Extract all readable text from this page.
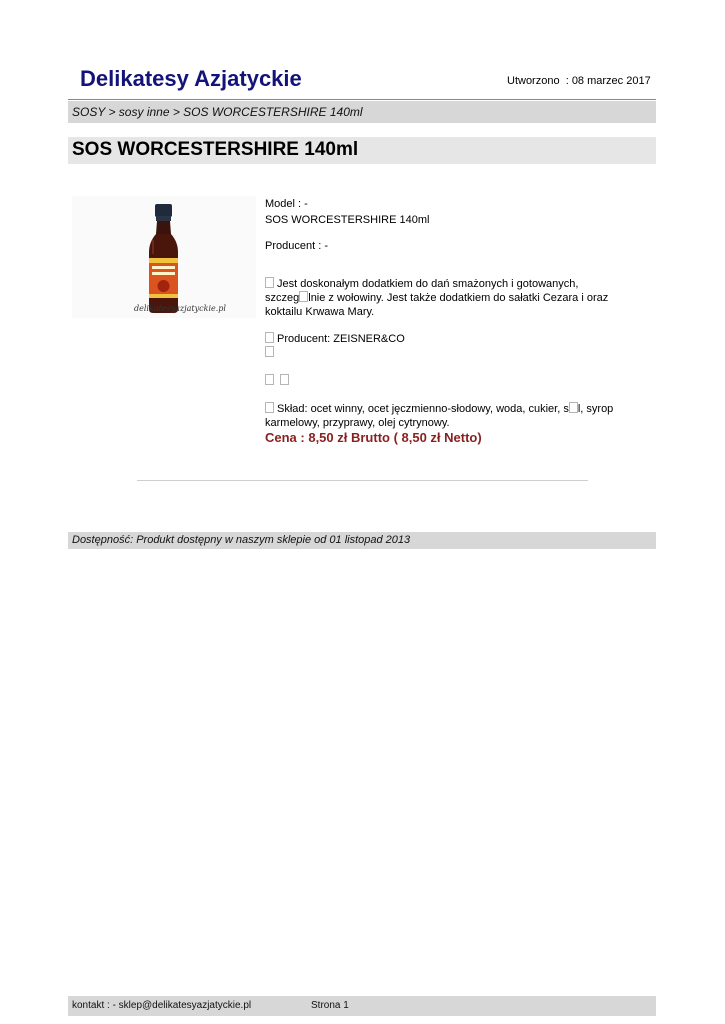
Delikatesy Azjatyckie	Utworzono : 08 marzec 2017
SOSY > sosy inne > SOS WORCESTERSHIRE 140ml
SOS WORCESTERSHIRE 140ml
delikatesyazjatyckie.pl
Model : -
SOS WORCESTERSHIRE 140ml
Producent : -
Jest doskonałym dodatkiem do dań smażonych i gotowanych,
szczeg lnie z wołowiny. Jest także dodatkiem do sałatki Cezara i oraz
koktailu Krwawa Mary.
Producent: ZEISNER&CO

Skład: ocet winny, ocet jęczmienno-słodowy, woda, cukier, s l, syrop
karmelowy, przyprawy, olej cytrynowy.
Cena : 8,50 zł Brutto ( 8,50 zł Netto)
Dostępność: Produkt dostępny w naszym sklepie od 01 listopad 2013
kontakt : - sklep@delikatesyazjatyckie.pl	Strona 1
